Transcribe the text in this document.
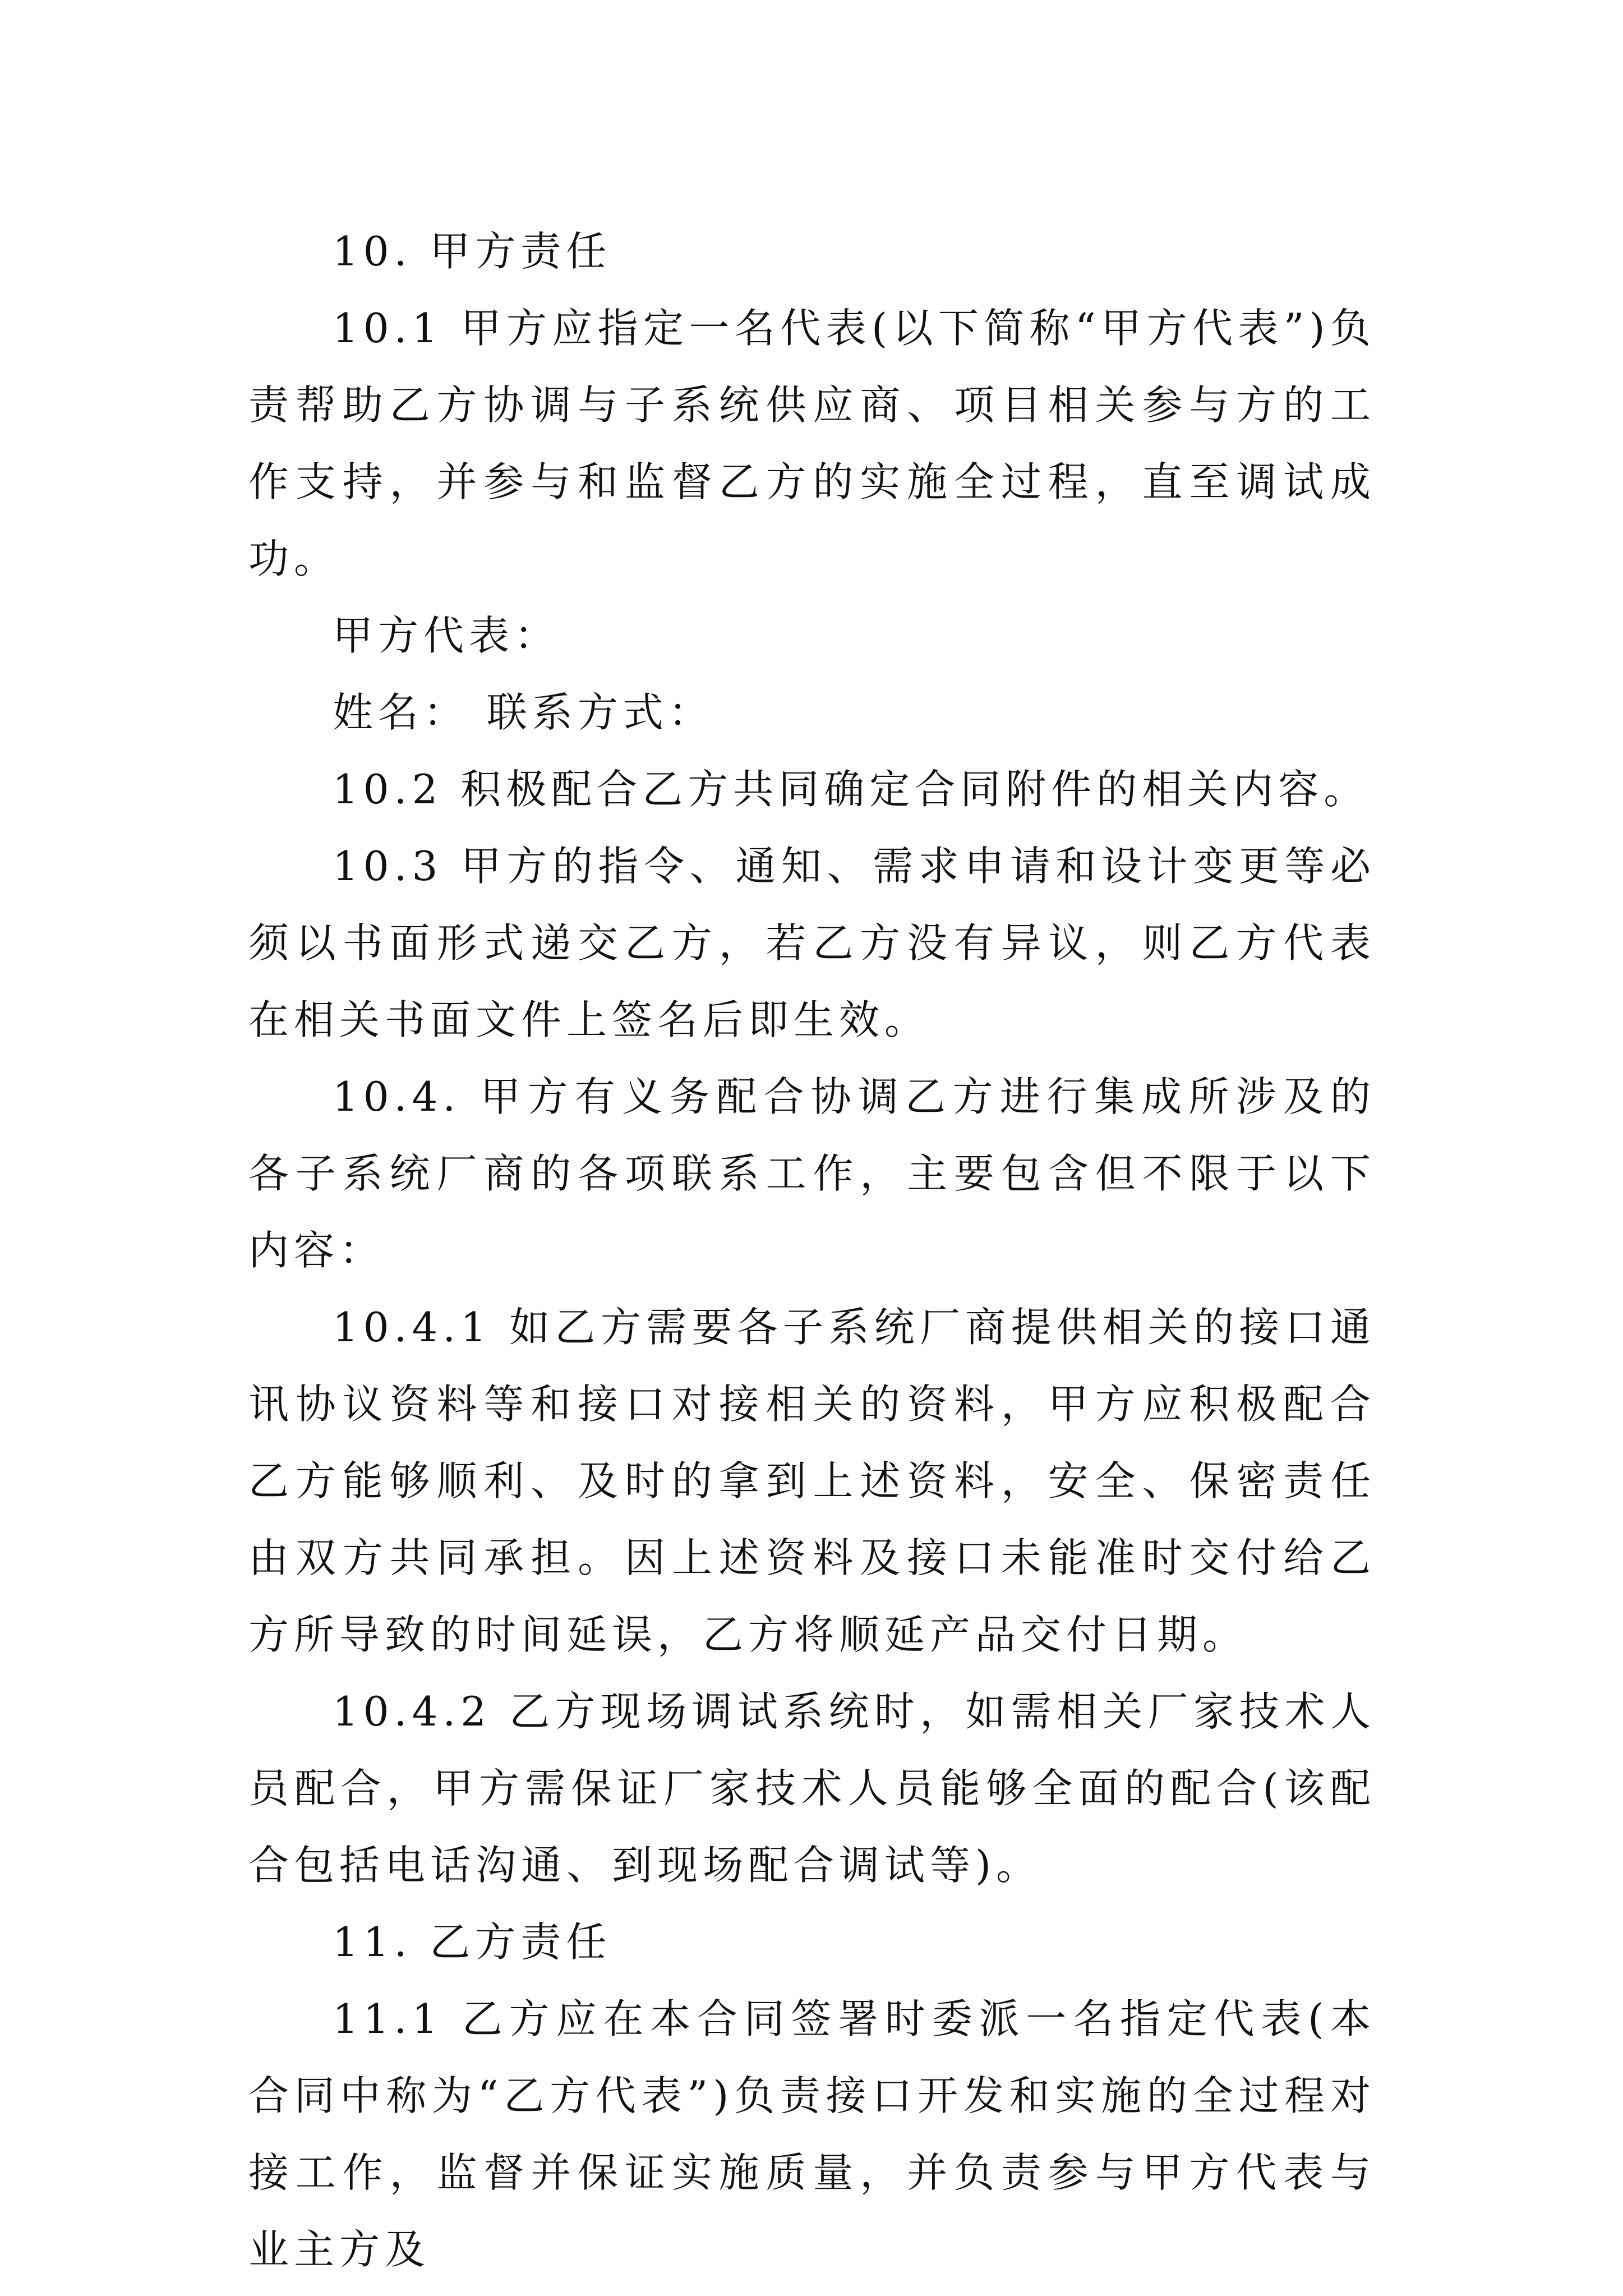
10. 甲方责任

10.1 甲方应指定一名代表(以下简称“甲方代表”)负责帮助乙方协调与子系统供应商、项目相关参与方的工作支持，并参与和监督乙方的实施全过程，直至调试成功。

甲方代表：

姓名： 联系方式：

10.2 积极配合乙方共同确定合同附件的相关内容。

10.3 甲方的指令、通知、需求申请和设计变更等必须以书面形式递交乙方，若乙方没有异议，则乙方代表在相关书面文件上签名后即生效。

10.4. 甲方有义务配合协调乙方进行集成所涉及的各子系统厂商的各项联系工作，主要包含但不限于以下内容：

10.4.1 如乙方需要各子系统厂商提供相关的接口通讯协议资料等和接口对接相关的资料，甲方应积极配合乙方能够顺利、及时的拿到上述资料，安全、保密责任由双方共同承担。因上述资料及接口未能准时交付给乙方所导致的时间延误，乙方将顺延产品交付日期。

10.4.2 乙方现场调试系统时，如需相关厂家技术人员配合，甲方需保证厂家技术人员能够全面的配合(该配合包括电话沟通、到现场配合调试等)。

11. 乙方责任

11.1 乙方应在本合同签署时委派一名指定代表(本合同中称为“乙方代表”)负责接口开发和实施的全过程对接工作，监督并保证实施质量，并负责参与甲方代表与业主方及
